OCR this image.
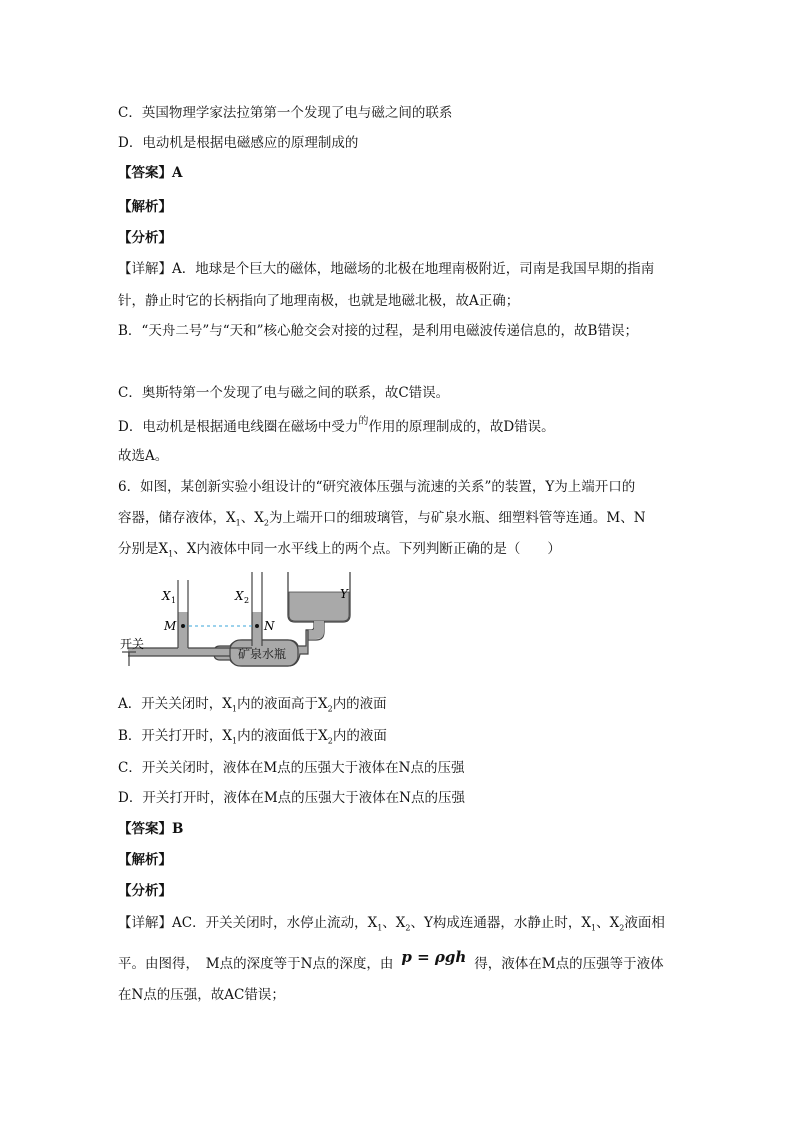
C．英国物理学家法拉第第一个发现了电与磁之间的联系
D．电动机是根据电磁感应的原理制成的
【答案】A
【解析】
【分析】
【详解】A．地球是个巨大的磁体，地磁场的北极在地理南极附近，司南是我国早期的指南
针，静止时它的长柄指向了地理南极，也就是地磁北极，故A正确；
B．“天舟二号”与“天和”核心舱交会对接的过程，是利用电磁波传递信息的，故B错误；
C．奥斯特第一个发现了电与磁之间的联系，故C错误。
D．电动机是根据通电线圈在磁场中受力$^的$作用的原理制成的，故D错误。
故选A。
6．如图，某创新实验小组设计的“研究液体压强与流速的关系”的装置，Y为上端开口的
容器，储存液体，$X_1$、$X_2$为上端开口的细玻璃管，与矿泉水瓶、细塑料管等连通。M、N
分别是$X_1$、X内液体中同一水平线上的两个点。下列判断正确的是（　　）
矿泉水瓶
X 1	X 2	Y
M	N
开关
A．开关关闭时，$X_1$内的液面高于$X_2$内的液面
B．开关打开时，$X_1$内的液面低于$X_2$内的液面
C．开关关闭时，液体在M点的压强大于液体在N点的压强
D．开关打开时，液体在M点的压强大于液体在N点的压强
【答案】B
【解析】
【分析】
【详解】AC．开关关闭时，水停止流动，$X_1$、$X_2$、Y构成连通器，水静止时，$X_1$、$X_2$液面相
平。由图得，　M点的深度等于N点的深度，由 p = ρgh 得，液体在M点的压强等于液体
在N点的压强，故AC错误；
